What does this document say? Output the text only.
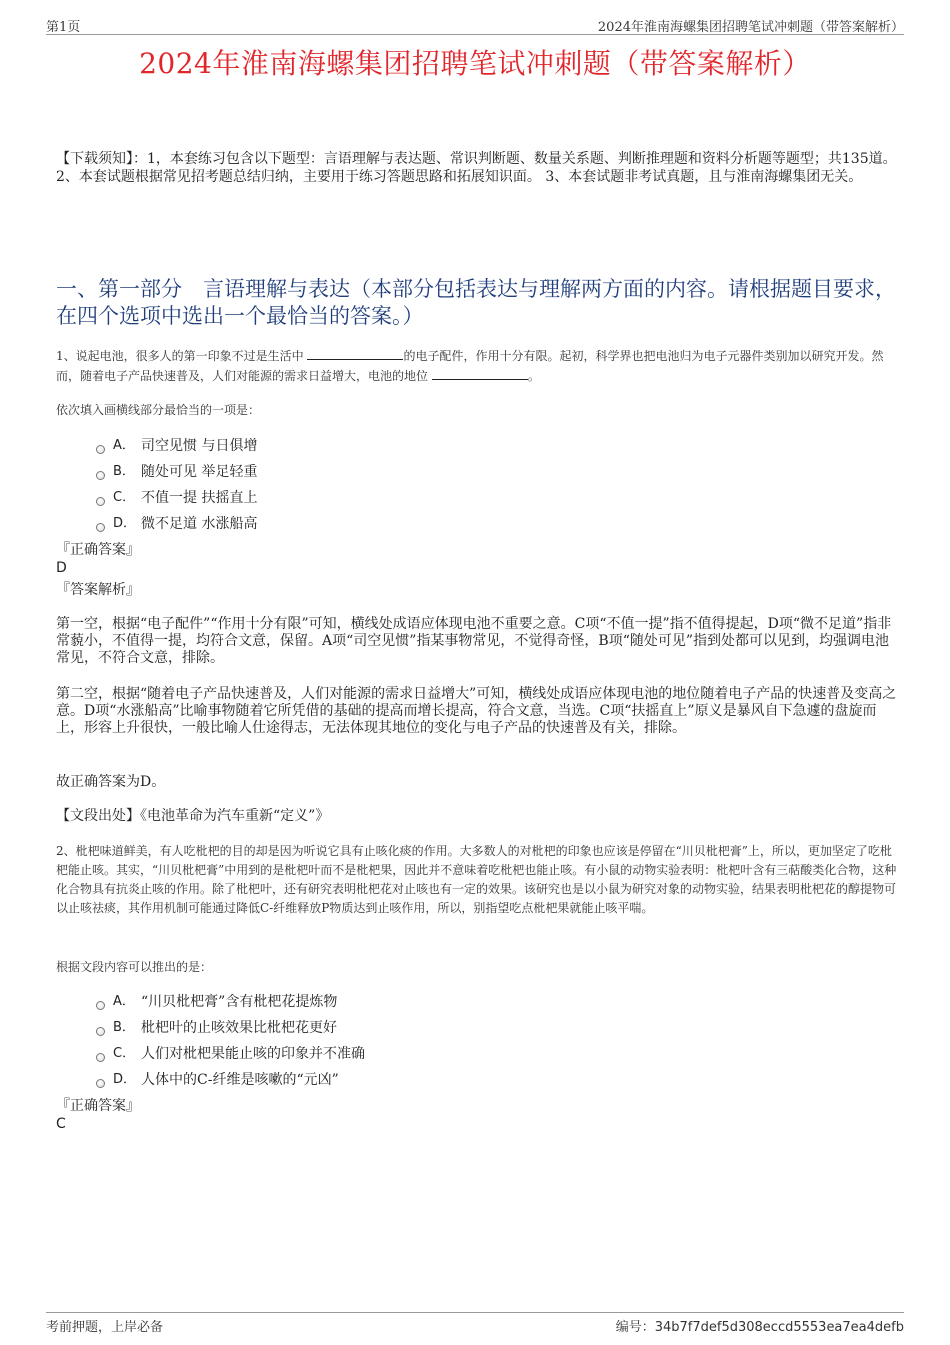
第1页	2024年淮南海螺集团招聘笔试冲刺题（带答案解析）
2024年淮南海螺集团招聘笔试冲刺题（带答案解析）
【下载须知】：1，本套练习包含以下题型：言语理解与表达题、常识判断题、数量关系题、判断推理题和资料分析题等题型；共135道。 2、本套试题根据常见招考题总结归纳，主要用于练习答题思路和拓展知识面。 3、本套试题非考试真题，且与淮南海螺集团无关。
一、第一部分　言语理解与表达（本部分包括表达与理解两方面的内容。请根据题目要求，在四个选项中选出一个最恰当的答案。）
1、说起电池，很多人的第一印象不过是生活中	的电子配件，作用十分有限。起初，科学界也把电池归为电子元器件类别加以研究开发。然而，随着电子产品快速普及，人们对能源的需求日益增大，电池的地位	。
依次填入画横线部分最恰当的一项是：
A． 司空见惯 与日俱增
B． 随处可见 举足轻重
C． 不值一提 扶摇直上
D． 微不足道 水涨船高
『正确答案』
D
『答案解析』
第一空，根据“电子配件”“作用十分有限”可知，横线处成语应体现电池不重要之意。C项“不值一提”指不值得提起，D项“微不足道”指非常藐小，不值得一提，均符合文意，保留。A项“司空见惯”指某事物常见，不觉得奇怪，B项“随处可见”指到处都可以见到，均强调电池常见，不符合文意，排除。
第二空，根据“随着电子产品快速普及，人们对能源的需求日益增大”可知，横线处成语应体现电池的地位随着电子产品的快速普及变高之意。D项“水涨船高”比喻事物随着它所凭借的基础的提高而增长提高，符合文意，当选。C项“扶摇直上”原义是暴风自下急遽的盘旋而上，形容上升很快，一般比喻人仕途得志，无法体现其地位的变化与电子产品的快速普及有关，排除。
故正确答案为D。
【文段出处】《电池革命为汽车重新“定义”》
2、枇杷味道鲜美，有人吃枇杷的目的却是因为听说它具有止咳化痰的作用。大多数人的对枇杷的印象也应该是停留在“川贝枇杷膏”上，所以，更加坚定了吃枇杷能止咳。其实，“川贝枇杷膏”中用到的是枇杷叶而不是枇杷果，因此并不意味着吃枇杷也能止咳。有小鼠的动物实验表明：枇杷叶含有三萜酸类化合物，这种化合物具有抗炎止咳的作用。除了枇杷叶，还有研究表明枇杷花对止咳也有一定的效果。该研究也是以小鼠为研究对象的动物实验，结果表明枇杷花的醇提物可以止咳祛痰，其作用机制可能通过降低C-纤维释放P物质达到止咳作用，所以，别指望吃点枇杷果就能止咳平喘。
根据文段内容可以推出的是：
A． “川贝枇杷膏”含有枇杷花提炼物
B． 枇杷叶的止咳效果比枇杷花更好
C． 人们对枇杷果能止咳的印象并不准确
D． 人体中的C-纤维是咳嗽的“元凶”
『正确答案』
C
考前押题，上岸必备	编号：34b7f7def5d308eccd5553ea7ea4defb
